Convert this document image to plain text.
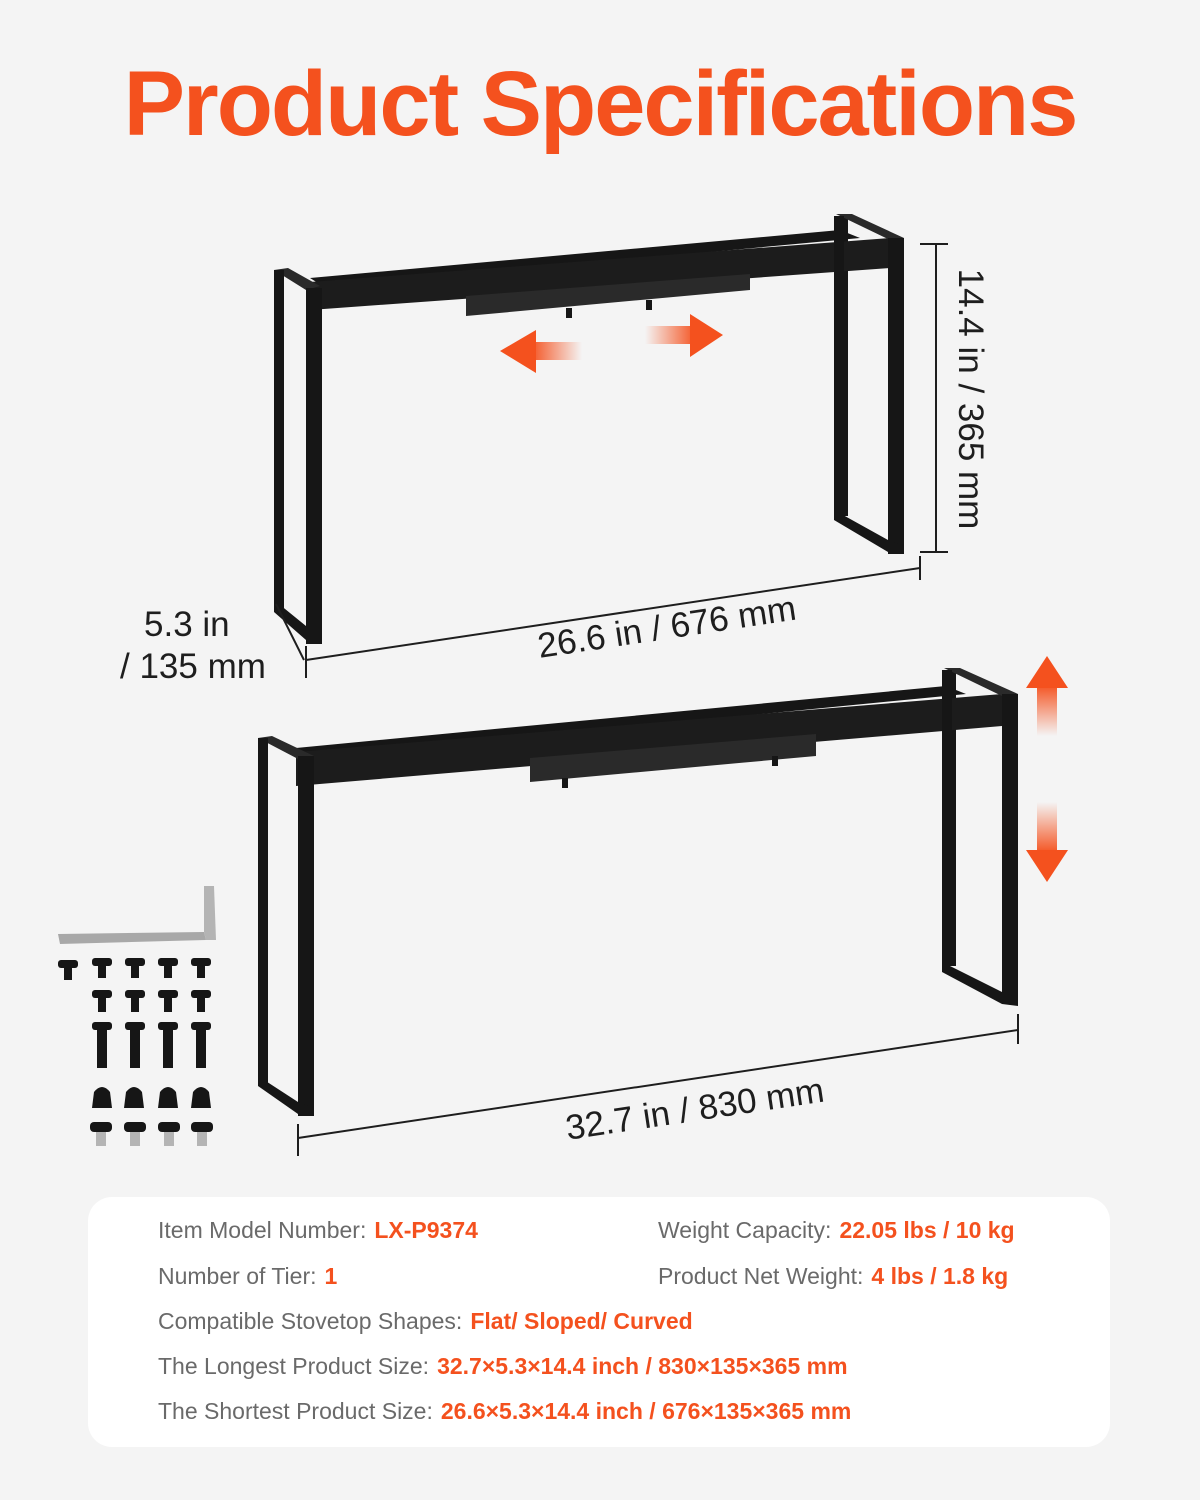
Product Specifications
14.4 in / 365 mm
5.3 in
/ 135 mm
26.6 in / 676 mm
32.7 in / 830 mm
Item Model Number: LX-P9374	Weight Capacity: 22.05 lbs / 10 kg
Number of Tier: 1	Product Net Weight: 4 lbs / 1.8 kg
Compatible Stovetop Shapes: Flat/ Sloped/ Curved
The Longest Product Size: 32.7×5.3×14.4 inch / 830×135×365 mm
The Shortest Product Size: 26.6×5.3×14.4 inch / 676×135×365 mm
